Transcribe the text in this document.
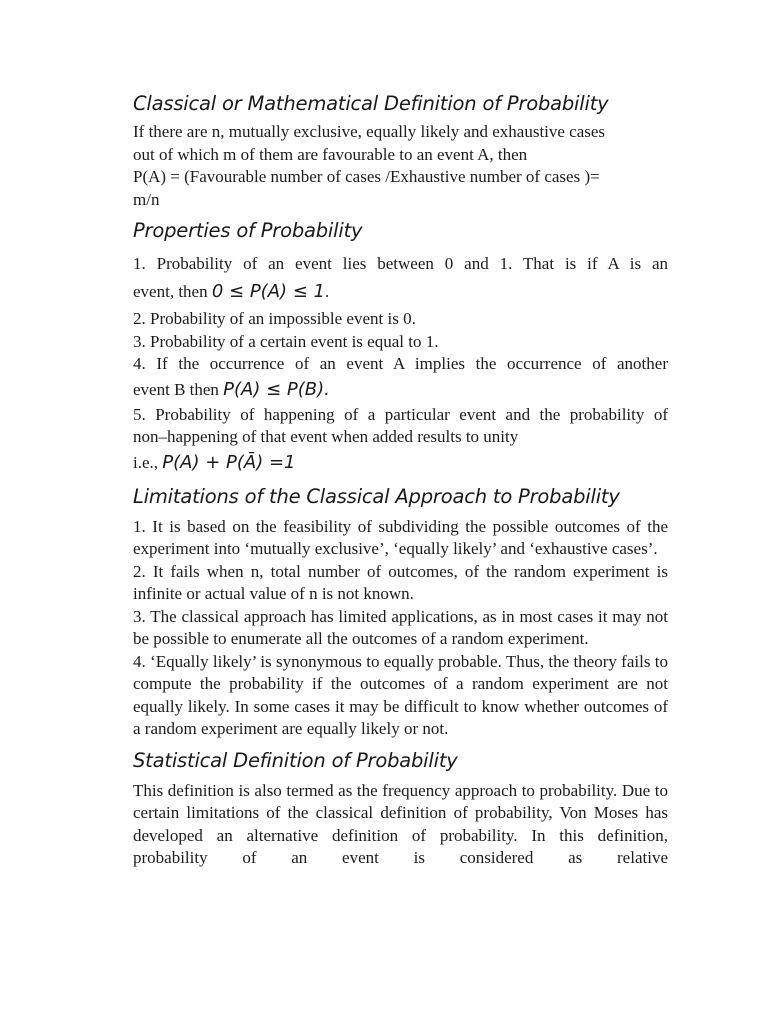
Classical or Mathematical Definition of Probability

If there are n, mutually exclusive, equally likely and exhaustive cases

out of which m of them are favourable to an event A, then

P(A) = (Favourable number of cases /Exhaustive number of cases )=

m/n

Properties of Probability

1. Probability of an event lies between 0 and 1. That is if A is an

event, then 0 ≤ P(A) ≤ 1.

2. Probability of an impossible event is 0.

3. Probability of a certain event is equal to 1.

4. If the occurrence of an event A implies the occurrence of another

event B then P(A) ≤ P(B).

5. Probability of happening of a particular event and the probability of

non–happening of that event when added results to unity

i.e., P(A) + P(Ā) =1

Limitations of the Classical Approach to Probability

1. It is based on the feasibility of subdividing the possible outcomes of the experiment into ‘mutually exclusive’, ‘equally likely’ and ‘exhaustive cases’.

2. It fails when n, total number of outcomes, of the random experiment is infinite or actual value of n is not known.

3. The classical approach has limited applications, as in most cases it may not be possible to enumerate all the outcomes of a random experiment.

4. ‘Equally likely’ is synonymous to equally probable. Thus, the theory fails to compute the probability if the outcomes of a random experiment are not equally likely. In some cases it may be difficult to know whether outcomes of a random experiment are equally likely or not.

Statistical Definition of Probability

This definition is also termed as the frequency approach to probability. Due to certain limitations of the classical definition of probability, Von Moses has developed an alternative definition of probability. In this definition, probability of an event is considered as relative
